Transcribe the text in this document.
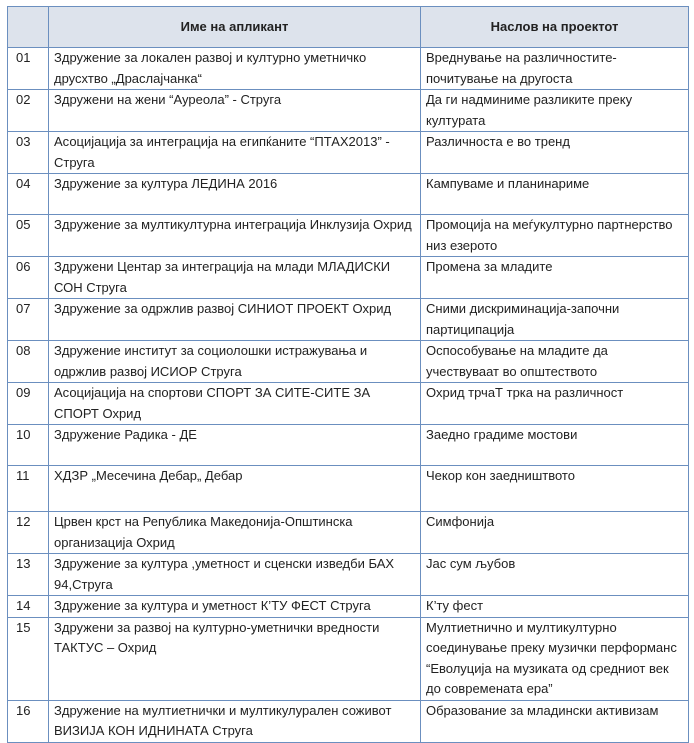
	Име на апликант	Наслов на проектот
01	Здружение за локален развој и културно уметничко друсхтво „Драслајчанка“	Вреднување на различностите-почитување на другоста
02	Здружени на жени “Аурeола” - Струга	Да ги надминиме разликите преку културата
03	Асоцијација за интеграција на египќаните “ПТАХ2013” - Струга	Различноста е во тренд
04	Здружение за култура ЛЕДИНА 2016	Кампуваме и планинариме
05	Здружение за мултикултурна интеграција Инклузија Охрид	Промоција на меѓукултурно партнерство низ езерото
06	Здружени Центар за интеграција на млади МЛАДИСКИ СОН Струга	Промена за младите
07	Здружение за одржлив развој СИНИОТ ПРОЕКТ Охрид	Сними дискриминација-започни партиципација
08	Здружение институт за социолошки истражувања и одржлив развој ИСИОР Струга	Оспособување на младите да учествуваат во општеството
09	Асоцијација на спортови СПОРТ ЗА СИТЕ-СИТЕ ЗА СПОРТ Охрид	Охрид трчаТ трка на различност
10	Здружение Радика - ДЕ	Заедно градиме мостови
11	ХДЗР „Месечина Дебар„ Дебар	Чекор кон заедништвото
12	Црвен крст на Република Македонија-Општинска организација Охрид	Симфонија
13	Здружение за култура ,уметност и сценски изведби БАХ 94,Струга	Јас сум љубов
14	Здружение за култура и уметност К’ТУ ФЕСТ Струга	К’ту фест
15	Здружени за развој на културно-уметнички вредности ТАКТУС – Охрид	Мултиетнично и мултикултурно соединување преку музички перформанс “Еволуција на музиката од средниот век до современата ера”
16	Здружение на мултиетнички и мултикулурален соживот ВИЗИЈА КОН ИДНИНАТА Струга	Образование за младински активизам
